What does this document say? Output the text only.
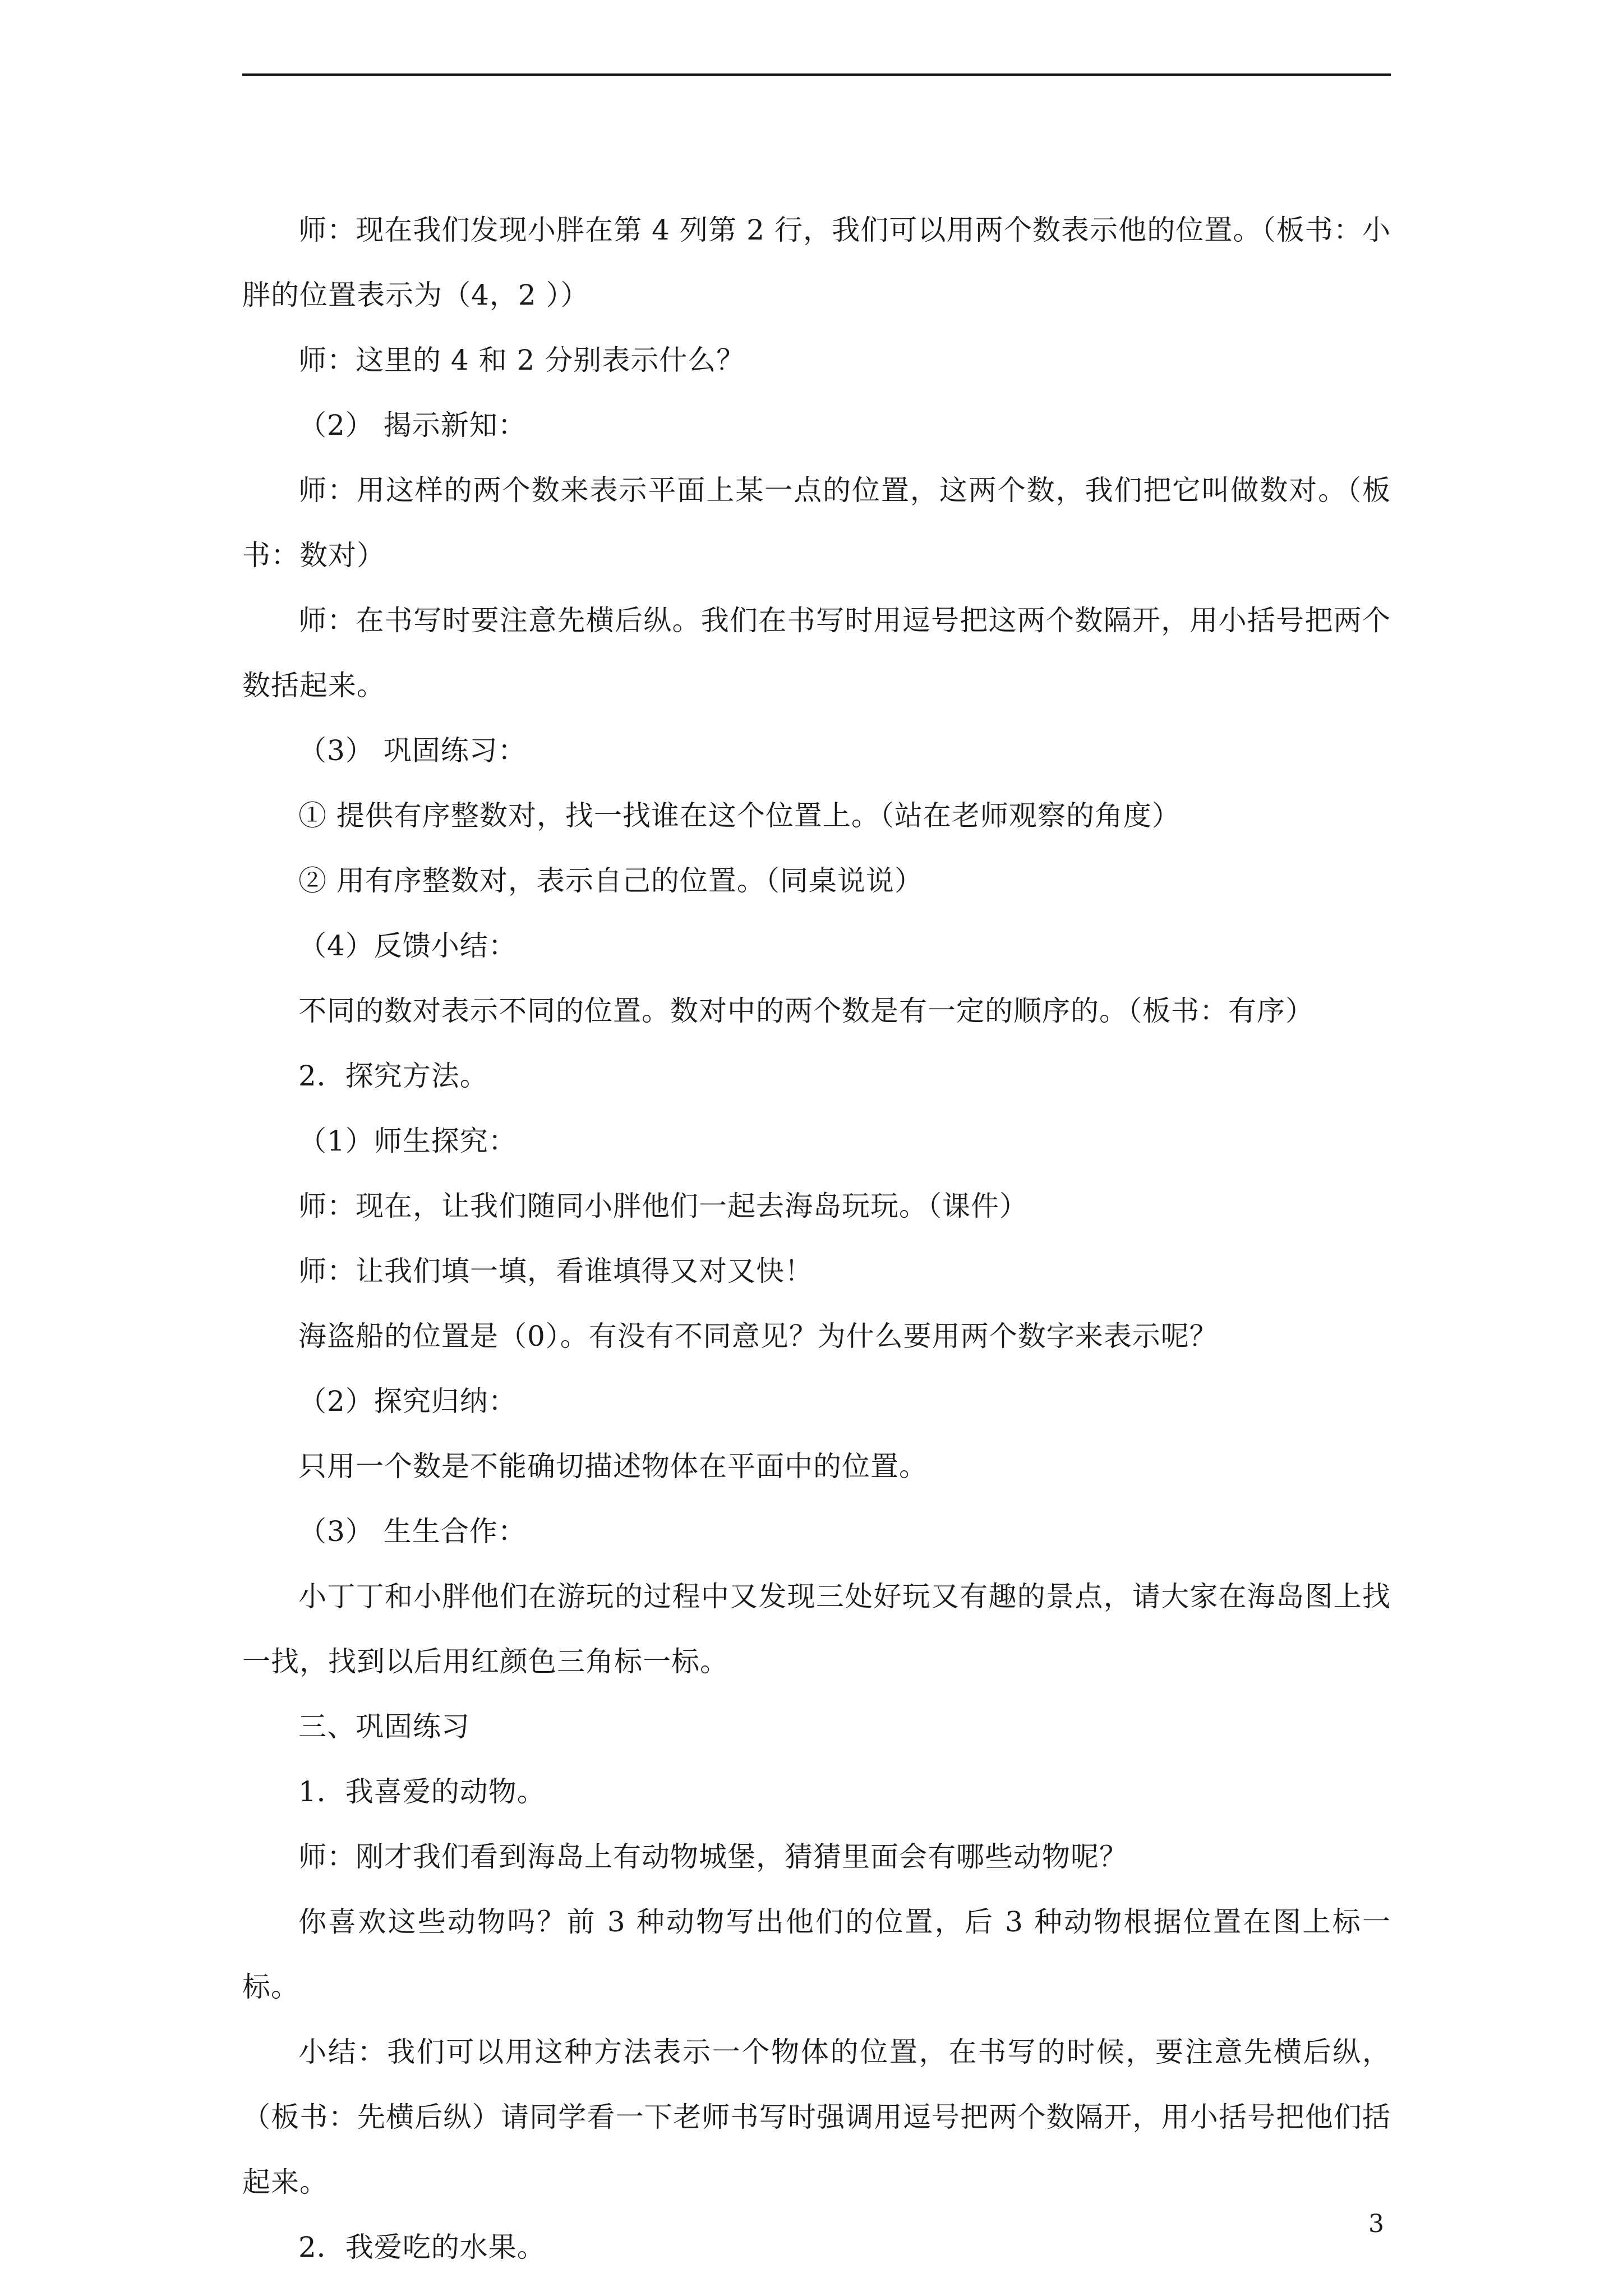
师：现在我们发现小胖在第 4 列第 2 行，我们可以用两个数表示他的位置。（板书：小胖的位置表示为（4，2 ））

师：这里的 4 和 2 分别表示什么？

（2） 揭示新知：

师：用这样的两个数来表示平面上某一点的位置，这两个数，我们把它叫做数对。（板书：数对）

师：在书写时要注意先横后纵。我们在书写时用逗号把这两个数隔开，用小括号把两个数括起来。

（3） 巩固练习：

① 提供有序整数对，找一找谁在这个位置上。（站在老师观察的角度）

② 用有序整数对，表示自己的位置。（同桌说说）

（4）反馈小结：

不同的数对表示不同的位置。数对中的两个数是有一定的顺序的。（板书：有序）

2．探究方法。

（1）师生探究：

师：现在，让我们随同小胖他们一起去海岛玩玩。（课件）

师：让我们填一填，看谁填得又对又快！

海盗船的位置是（0）。有没有不同意见？为什么要用两个数字来表示呢？

（2）探究归纳：

只用一个数是不能确切描述物体在平面中的位置。

（3） 生生合作：

小丁丁和小胖他们在游玩的过程中又发现三处好玩又有趣的景点，请大家在海岛图上找一找，找到以后用红颜色三角标一标。

三、巩固练习

1．我喜爱的动物。

师：刚才我们看到海岛上有动物城堡，猜猜里面会有哪些动物呢？

你喜欢这些动物吗？前 3 种动物写出他们的位置，后 3 种动物根据位置在图上标一标。

小结：我们可以用这种方法表示一个物体的位置，在书写的时候，要注意先横后纵，（板书：先横后纵）请同学看一下老师书写时强调用逗号把两个数隔开，用小括号把他们括起来。

2．我爱吃的水果。

3
